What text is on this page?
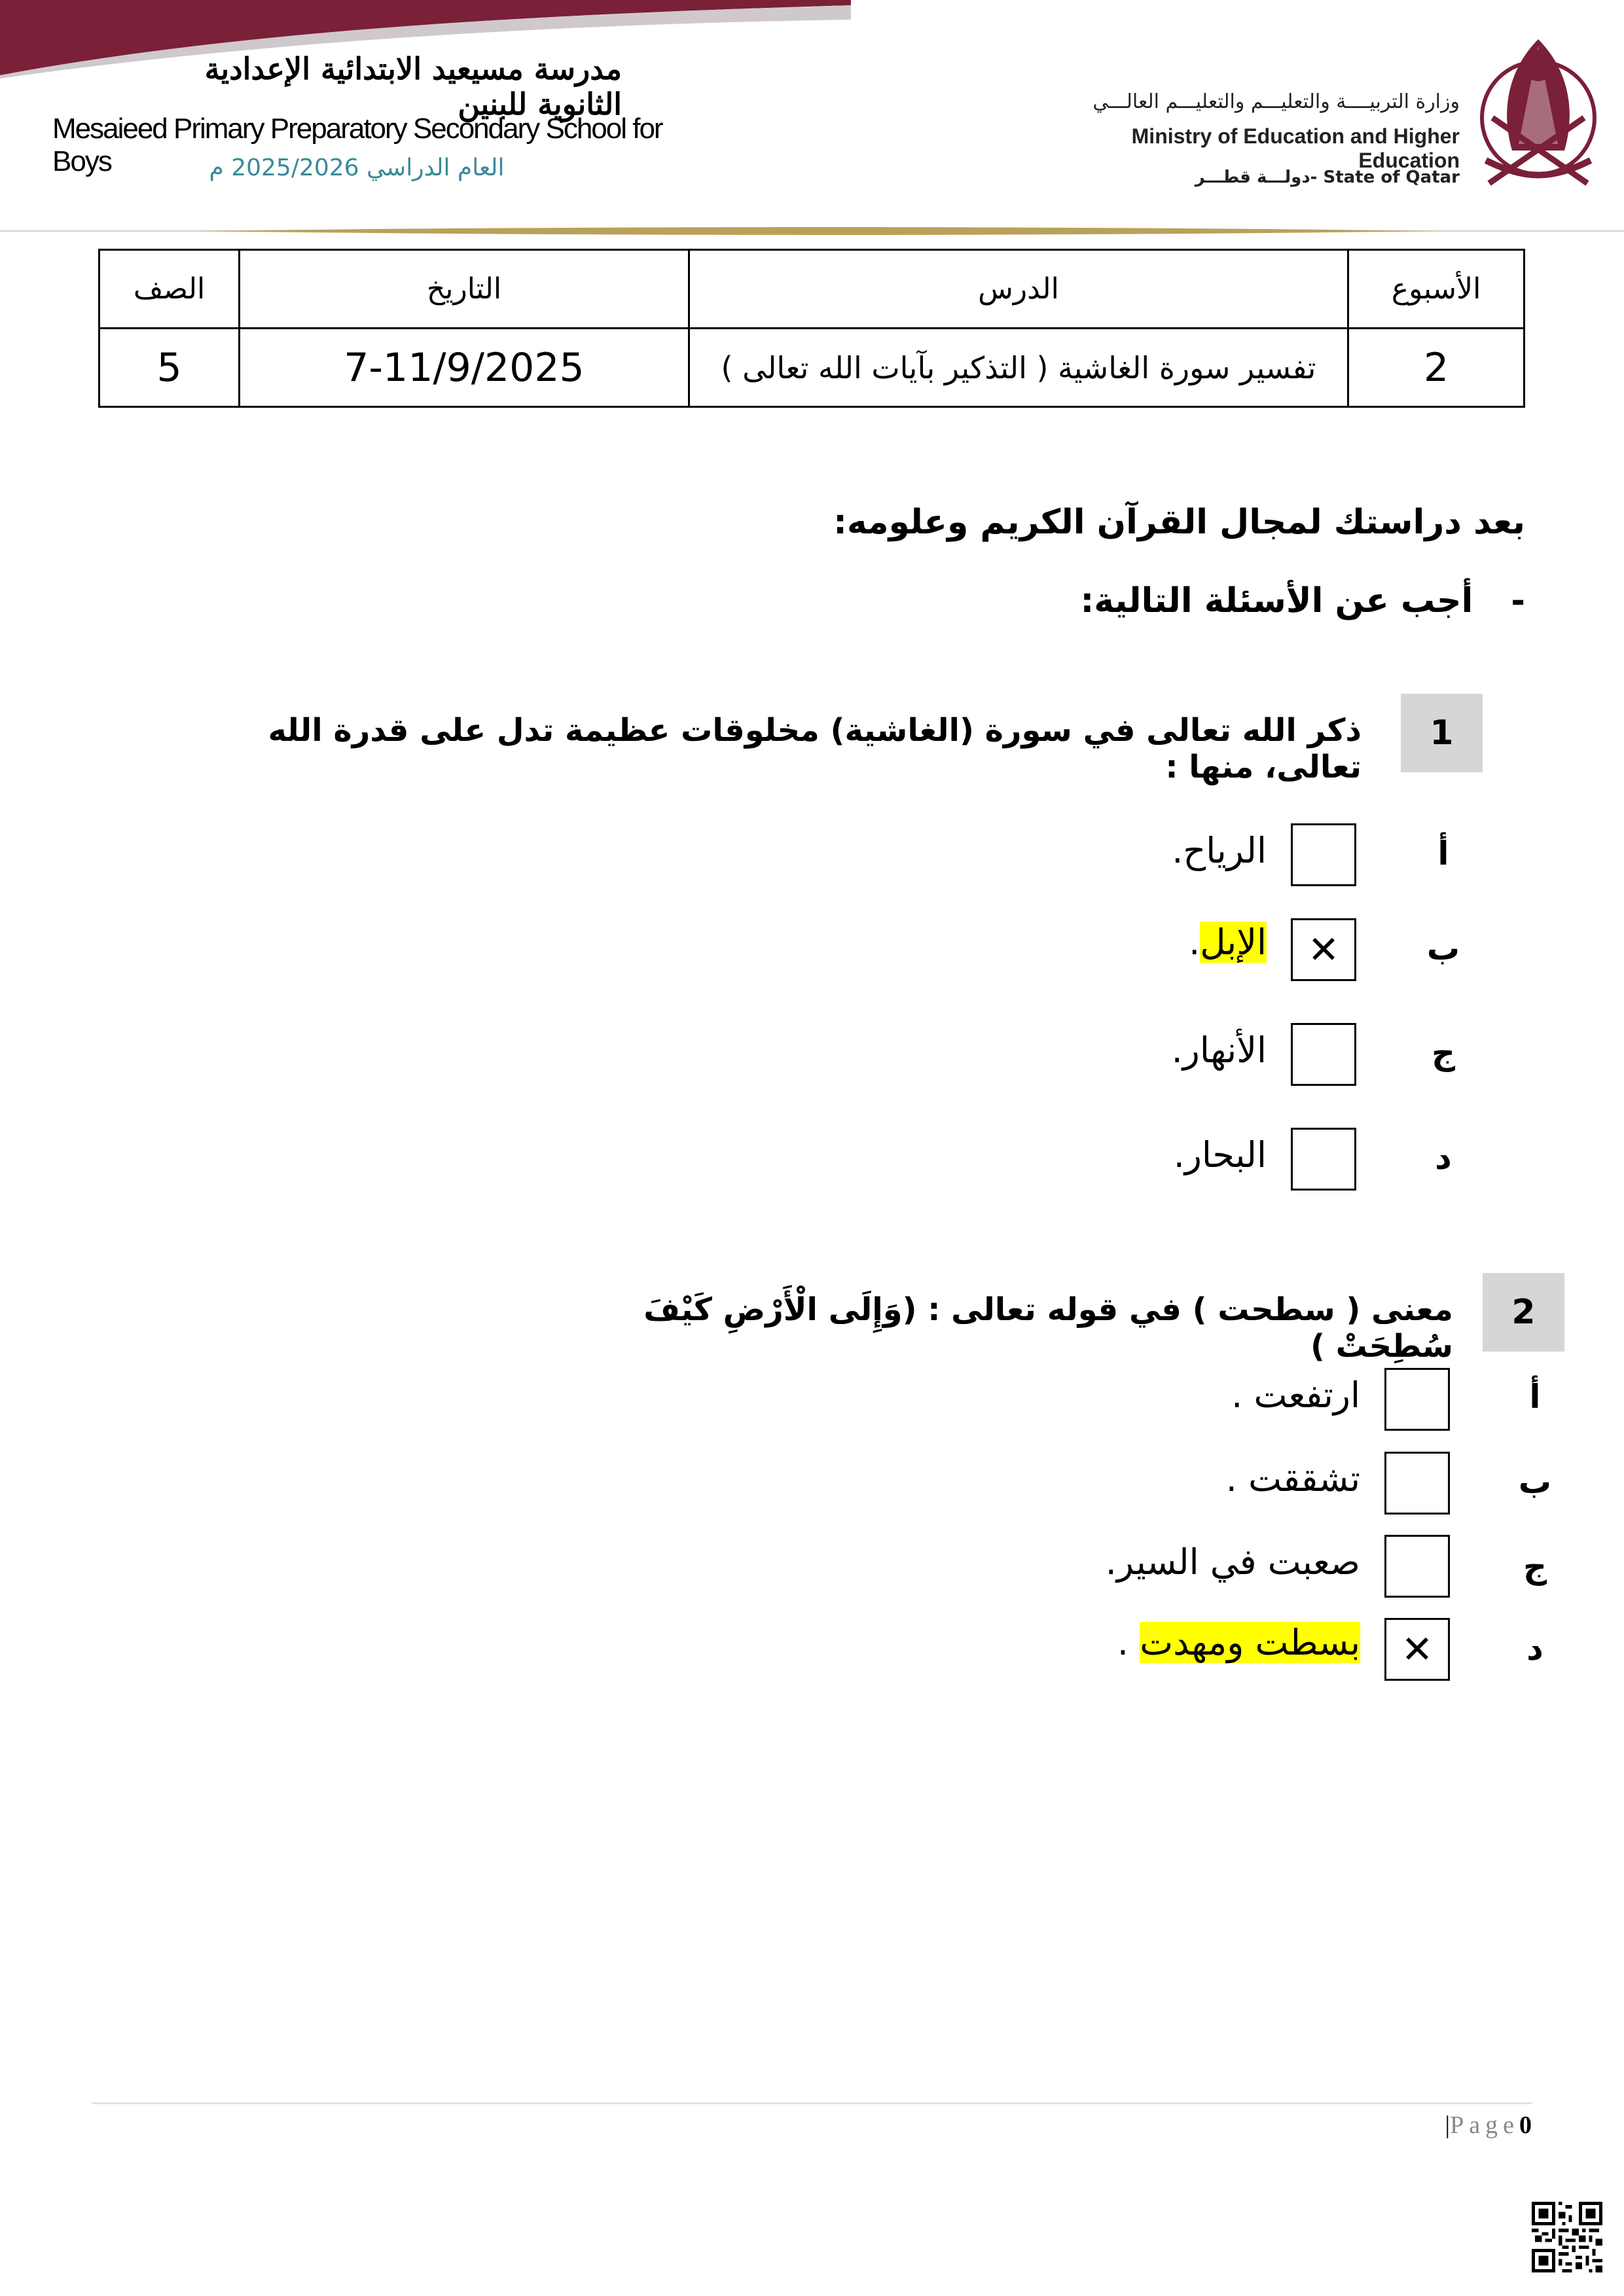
مدرسة مسيعيد الابتدائية الإعدادية الثانوية للبنين
Mesaieed Primary Preparatory Secondary School for Boys	العام الدراسي 2025/2026 م
وزارة التربيــــة والتعليـــم والتعليـــم العالـــي
Ministry of Education and Higher Education
دولـــة قطـــر- State of Qatar
الأسبوع	الدرس	التاريخ	الصف
2	تفسير سورة الغاشية ( التذكير بآيات الله تعالى )	7-11/9/2025	5
بعد دراستك لمجال القرآن الكريم وعلومه:
- أجب عن الأسئلة التالية:
1
ذكر الله تعالى في سورة (الغاشية) مخلوقات عظيمة تدل على قدرة الله تعالى، منها :
أ
الرياح.
ب
✕
الإبل.
ج
الأنهار.
د
البحار.
2
معنى ( سطحت ) في قوله تعالى : (وَإِلَى الْأَرْضِ كَيْفَ سُطِحَتْ )
أ
ارتفعت .
ب
تشققت .
ج
صعبت في السير.
د
✕
بسطت ومهدت .
|Page0
